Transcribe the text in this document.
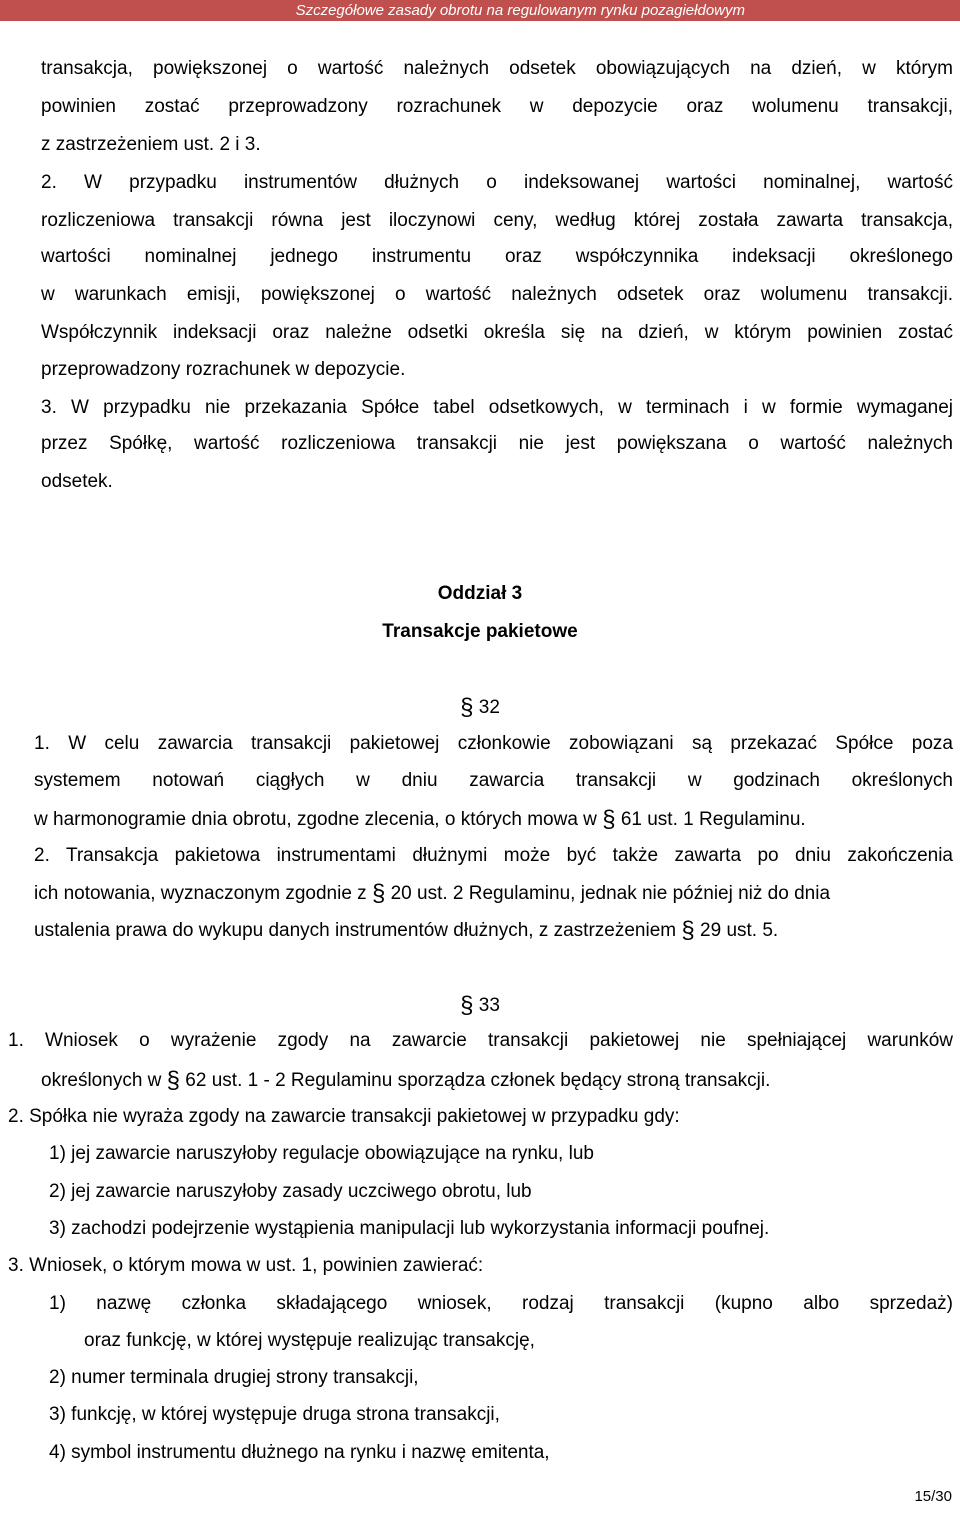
Szczegółowe zasady obrotu na regulowanym rynku pozagiełdowym
transakcja, powiększonej o wartość należnych odsetek obowiązujących na dzień, w którym
powinien zostać przeprowadzony rozrachunek w depozycie oraz wolumenu transakcji,
z zastrzeżeniem ust. 2 i 3.
2. W przypadku instrumentów dłużnych o indeksowanej wartości nominalnej, wartość
rozliczeniowa transakcji równa jest iloczynowi ceny, według której została zawarta transakcja,
wartości nominalnej jednego instrumentu oraz współczynnika indeksacji określonego
w warunkach emisji, powiększonej o wartość należnych odsetek oraz wolumenu transakcji.
Współczynnik indeksacji oraz należne odsetki określa się na dzień, w którym powinien zostać
przeprowadzony rozrachunek w depozycie.
3. W przypadku nie przekazania Spółce tabel odsetkowych, w terminach i w formie wymaganej
przez Spółkę, wartość rozliczeniowa transakcji nie jest powiększana o wartość należnych
odsetek.
Oddział 3
Transakcje pakietowe
§ 32
1. W celu zawarcia transakcji pakietowej członkowie zobowiązani są przekazać Spółce poza
systemem notowań ciągłych w dniu zawarcia transakcji w godzinach określonych
w harmonogramie dnia obrotu, zgodne zlecenia, o których mowa w § 61 ust. 1 Regulaminu.
2. Transakcja pakietowa instrumentami dłużnymi może być także zawarta po dniu zakończenia
ich notowania, wyznaczonym zgodnie z § 20 ust. 2 Regulaminu, jednak nie później niż do dnia
ustalenia prawa do wykupu danych instrumentów dłużnych, z zastrzeżeniem § 29 ust. 5.
§ 33
1. Wniosek o wyrażenie zgody na zawarcie transakcji pakietowej nie spełniającej warunków
określonych w § 62 ust. 1 - 2 Regulaminu sporządza członek będący stroną transakcji.
2. Spółka nie wyraża zgody na zawarcie transakcji pakietowej w przypadku gdy:
1) jej zawarcie naruszyłoby regulacje obowiązujące na rynku, lub
2) jej zawarcie naruszyłoby zasady uczciwego obrotu, lub
3) zachodzi podejrzenie wystąpienia manipulacji lub wykorzystania informacji poufnej.
3. Wniosek, o którym mowa w ust. 1, powinien zawierać:
1) nazwę członka składającego wniosek, rodzaj transakcji (kupno albo sprzedaż)
oraz funkcję, w której występuje realizując transakcję,
2) numer terminala drugiej strony transakcji,
3) funkcję, w której występuje druga strona transakcji,
4) symbol instrumentu dłużnego na rynku i nazwę emitenta,
15/30
